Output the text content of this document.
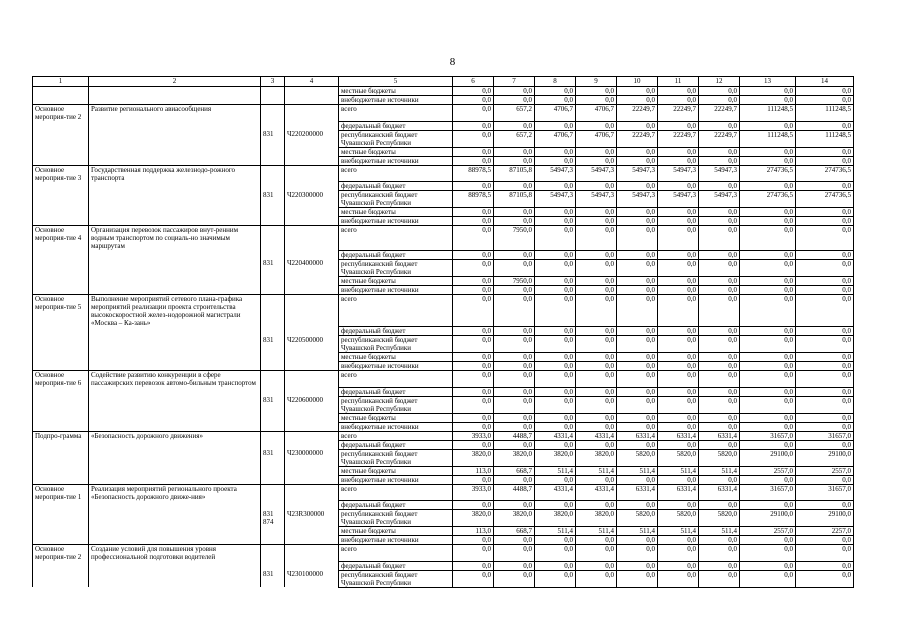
8
1	2	3	4	5	6	7	8	9	10	11	12	13	14
				местные бюджеты	0,0	0,0	0,0	0,0	0,0	0,0	0,0	0,0	0,0
				внебюджетные источники	0,0	0,0	0,0	0,0	0,0	0,0	0,0	0,0	0,0
Основное мероприя-тие 2	Развитие регионального авиасообщения			всего	0,0	657,2	4706,7	4706,7	22249,7	22249,7	22249,7	111248,5	111248,5
				федеральный бюджет	0,0	0,0	0,0	0,0	0,0	0,0	0,0	0,0	0,0
		831	Ч220200000	республиканский бюджет Чувашской Республики	0,0	657,2	4706,7	4706,7	22249,7	22249,7	22249,7	111248,5	111248,5
				местные бюджеты	0,0	0,0	0,0	0,0	0,0	0,0	0,0	0,0	0,0
				внебюджетные источники	0,0	0,0	0,0	0,0	0,0	0,0	0,0	0,0	0,0
Основное мероприя-тие 3	Государственная поддержка железнодо-рожного транспорта			всего	88978,5	87105,8	54947,3	54947,3	54947,3	54947,3	54947,3	274736,5	274736,5
				федеральный бюджет	0,0	0,0	0,0	0,0	0,0	0,0	0,0	0,0	0,0
		831	Ч220300000	республиканский бюджет Чувашской Республики	88978,5	87105,8	54947,3	54947,3	54947,3	54947,3	54947,3	274736,5	274736,5
				местные бюджеты	0,0	0,0	0,0	0,0	0,0	0,0	0,0	0,0	0,0
				внебюджетные источники	0,0	0,0	0,0	0,0	0,0	0,0	0,0	0,0	0,0
Основное мероприя-тие 4	Организация перевозок пассажиров внут-ренним водным транспортом по социаль-но значимым маршрутам			всего	0,0	7950,0	0,0	0,0	0,0	0,0	0,0	0,0	0,0
				федеральный бюджет	0,0	0,0	0,0	0,0	0,0	0,0	0,0	0,0	0,0
		831	Ч220400000	республиканский бюджет Чувашской Республики	0,0	0,0	0,0	0,0	0,0	0,0	0,0	0,0	0,0
				местные бюджеты	0,0	7950,0	0,0	0,0	0,0	0,0	0,0	0,0	0,0
				внебюджетные источники	0,0	0,0	0,0	0,0	0,0	0,0	0,0	0,0	0,0
Основное мероприя-тие 5	Выполнение мероприятий сетевого плана-графика мероприятий реализации проекта строительства высокоскоростной желез-нодорожной магистрали «Москва – Ка-зань»			всего	0,0	0,0	0,0	0,0	0,0	0,0	0,0	0,0	0,0
				федеральный бюджет	0,0	0,0	0,0	0,0	0,0	0,0	0,0	0,0	0,0
		831	Ч220500000	республиканский бюджет Чувашской Республики	0,0	0,0	0,0	0,0	0,0	0,0	0,0	0,0	0,0
				местные бюджеты	0,0	0,0	0,0	0,0	0,0	0,0	0,0	0,0	0,0
				внебюджетные источники	0,0	0,0	0,0	0,0	0,0	0,0	0,0	0,0	0,0
Основное мероприя-тие 6	Содействие развитию конкуренции в сфере пассажирских перевозок автомо-бильным транспортом			всего	0,0	0,0	0,0	0,0	0,0	0,0	0,0	0,0	0,0
				федеральный бюджет	0,0	0,0	0,0	0,0	0,0	0,0	0,0	0,0	0,0
		831	Ч220600000	республиканский бюджет Чувашской Республики	0,0	0,0	0,0	0,0	0,0	0,0	0,0	0,0	0,0
				местные бюджеты	0,0	0,0	0,0	0,0	0,0	0,0	0,0	0,0	0,0
				внебюджетные источники	0,0	0,0	0,0	0,0	0,0	0,0	0,0	0,0	0,0
Подпро-грамма	«Безопасность дорожного движения»			всего	3933,0	4488,7	4331,4	4331,4	6331,4	6331,4	6331,4	31657,0	31657,0
				федеральный бюджет	0,0	0,0	0,0	0,0	0,0	0,0	0,0	0,0	0,0
		831	Ч230000000	республиканский бюджет Чувашской Республики	3820,0	3820,0	3820,0	3820,0	5820,0	5820,0	5820,0	29100,0	29100,0
				местные бюджеты	113,0	668,7	511,4	511,4	511,4	511,4	511,4	2557,0	2557,0
				внебюджетные источники	0,0	0,0	0,0	0,0	0,0	0,0	0,0	0,0	0,0
Основное мероприя-тие 1	Реализация мероприятий регионального проекта «Безопасность дорожного движе-ния»			всего	3933,0	4488,7	4331,4	4331,4	6331,4	6331,4	6331,4	31657,0	31657,0
				федеральный бюджет	0,0	0,0	0,0	0,0	0,0	0,0	0,0	0,0	0,0
		831 874	Ч23R300000	республиканский бюджет Чувашской Республики	3820,0	3820,0	3820,0	3820,0	5820,0	5820,0	5820,0	29100,0	29100,0
				местные бюджеты	113,0	668,7	511,4	511,4	511,4	511,4	511,4	2557,0	2257,0
				внебюджетные источники	0,0	0,0	0,0	0,0	0,0	0,0	0,0	0,0	0,0
Основное мероприя-тие 2	Создание условий для повышения уровня профессиональной подготовки водителей			всего	0,0	0,0	0,0	0,0	0,0	0,0	0,0	0,0	0,0
				федеральный бюджет	0,0	0,0	0,0	0,0	0,0	0,0	0,0	0,0	0,0
		831	Ч230100000	республиканский бюджет Чувашской Республики	0,0	0,0	0,0	0,0	0,0	0,0	0,0	0,0	0,0
